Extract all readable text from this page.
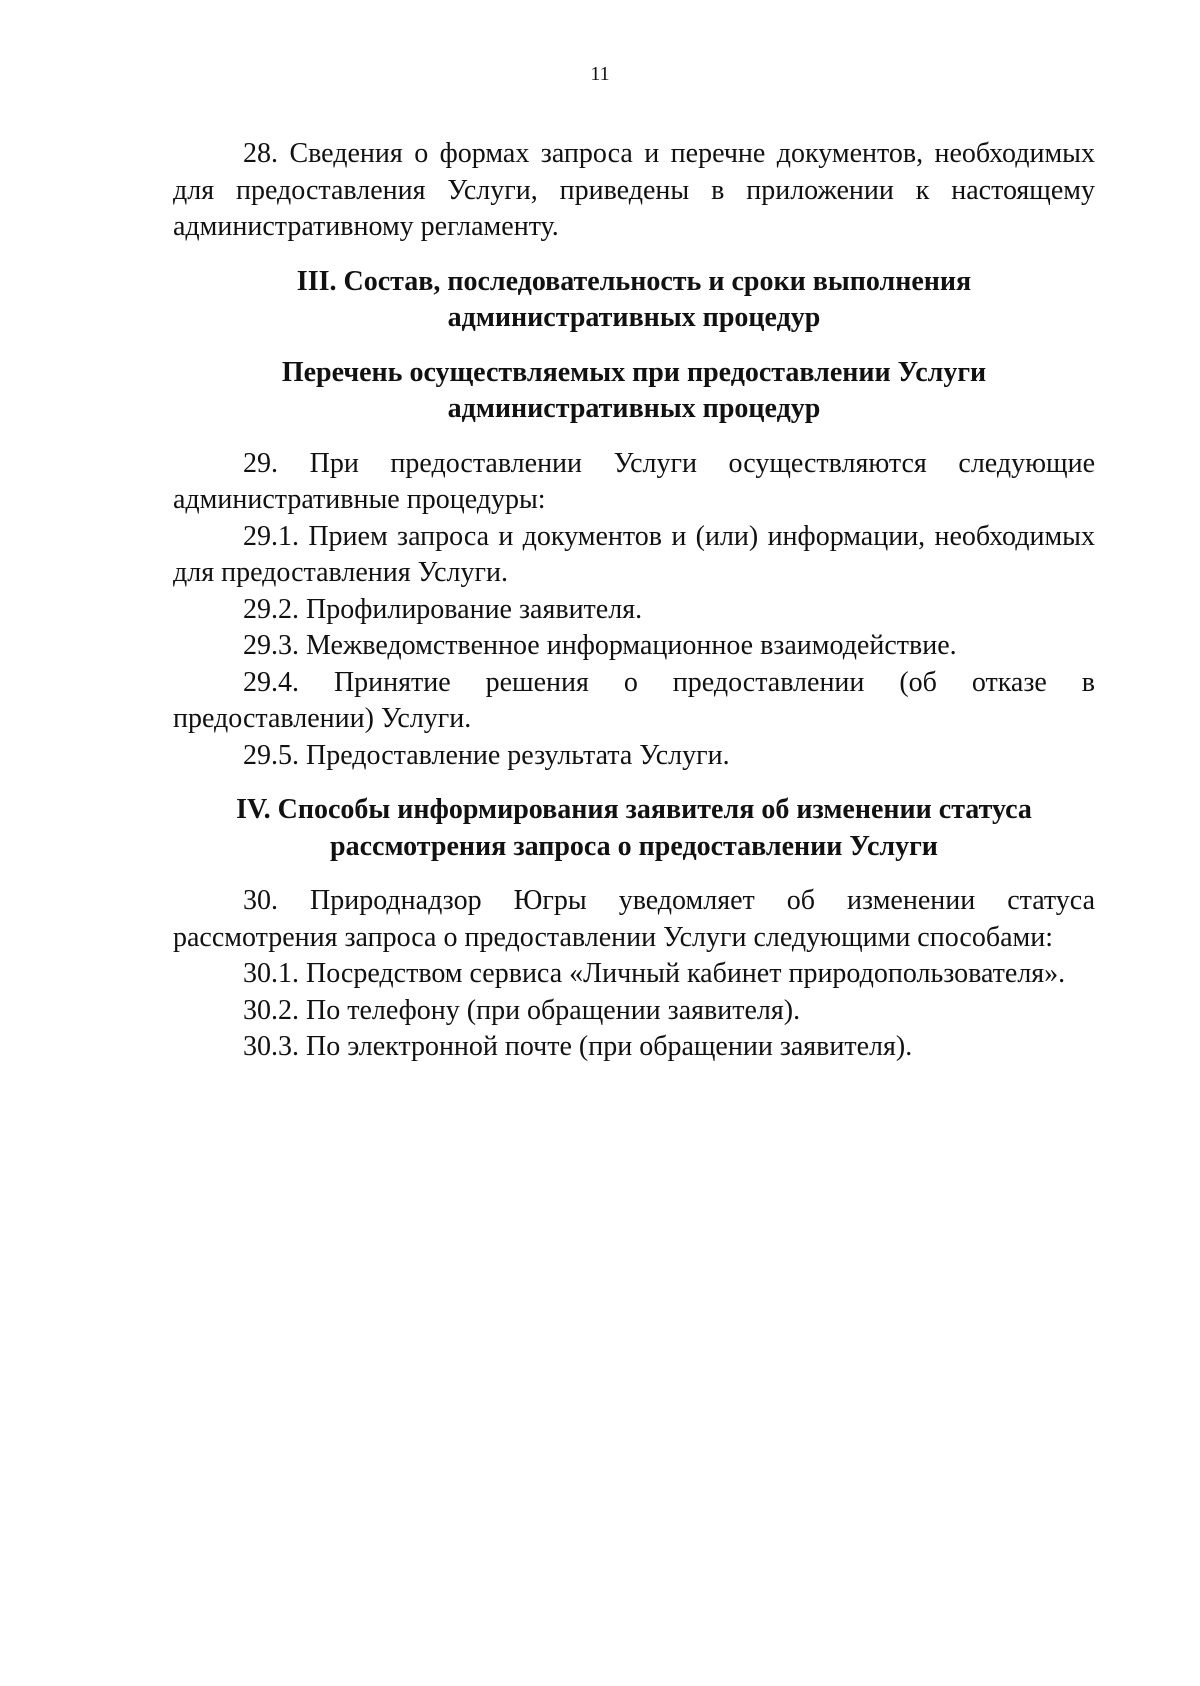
11

28. Сведения о формах запроса и перечне документов, необходимых для предоставления Услуги, приведены в приложении к настоящему административному регламенту.

III. Состав, последовательность и сроки выполнения административных процедур

Перечень осуществляемых при предоставлении Услуги административных процедур

29. При предоставлении Услуги осуществляются следующие административные процедуры:

29.1. Прием запроса и документов и (или) информации, необходимых для предоставления Услуги.

29.2. Профилирование заявителя.

29.3. Межведомственное информационное взаимодействие.

29.4. Принятие решения о предоставлении (об отказе в предоставлении) Услуги.

29.5. Предоставление результата Услуги.

IV. Способы информирования заявителя об изменении статуса рассмотрения запроса о предоставлении Услуги

30. Природнадзор Югры уведомляет об изменении статуса рассмотрения запроса о предоставлении Услуги следующими способами:

30.1. Посредством сервиса «Личный кабинет природопользователя».

30.2. По телефону (при обращении заявителя).

30.3. По электронной почте (при обращении заявителя).
